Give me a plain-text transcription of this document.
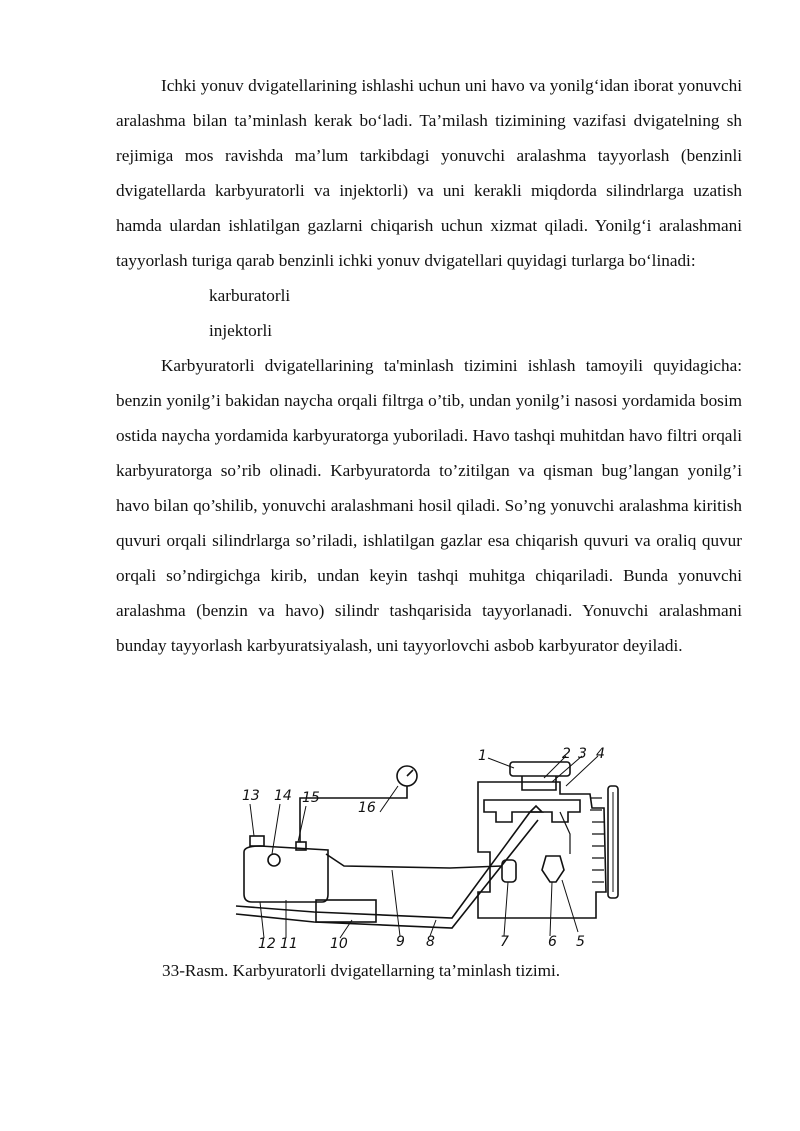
Ichki yonuv dvigatellarining ishlashi uchun uni havo va yonilg‘idan iborat yonuvchi aralashma bilan ta’minlash kerak bo‘ladi. Ta’milash tizimining vazifasi dvigatelning sh rejimiga mos ravishda ma’lum tarkibdagi yonuvchi aralashma tayyorlash (benzinli dvigatellarda karbyuratorli va injektorli) va uni kerakli miqdorda silindrlarga uzatish hamda ulardan ishlatilgan gazlarni chiqarish uchun xizmat qiladi. Yonilg‘i aralashmani tayyorlash turiga qarab benzinli ichki yonuv dvigatellari quyidagi turlarga bo‘linadi:

karburatorli

injektorli

Karbyuratorli dvigatellarining ta'minlash tizimini ishlash tamoyili quyidagicha: benzin yonilg’i bakidan naycha orqali filtrga o’tib, undan yonilg’i nasosi yordamida bosim ostida naycha yordamida karbyuratorga yuboriladi. Havo tashqi muhitdan havo filtri orqali karbyuratorga so’rib olinadi. Karbyuratorda to’zitilgan va qisman bug’langan yonilg’i havo bilan qo’shilib, yonuvchi aralashmani hosil qiladi. So’ng yonuvchi aralashma kiritish quvuri orqali silindrlarga so’riladi, ishlatilgan gazlar esa chiqarish quvuri va oraliq quvur orqali so’ndirgichga kirib, undan keyin tashqi muhitga chiqariladi. Bunda yonuvchi aralashma (benzin va havo) silindr tashqarisida tayyorlanadi. Yonuvchi aralashmani bunday tayyorlash karbyuratsiyalash, uni tayyorlovchi asbob karbyurator deyiladi.

1	2 3 4
5
6
7
8
9
10
11
12
13 14 15
16
33-Rasm. Karbyuratorli dvigatellarning ta’minlash tizimi.
